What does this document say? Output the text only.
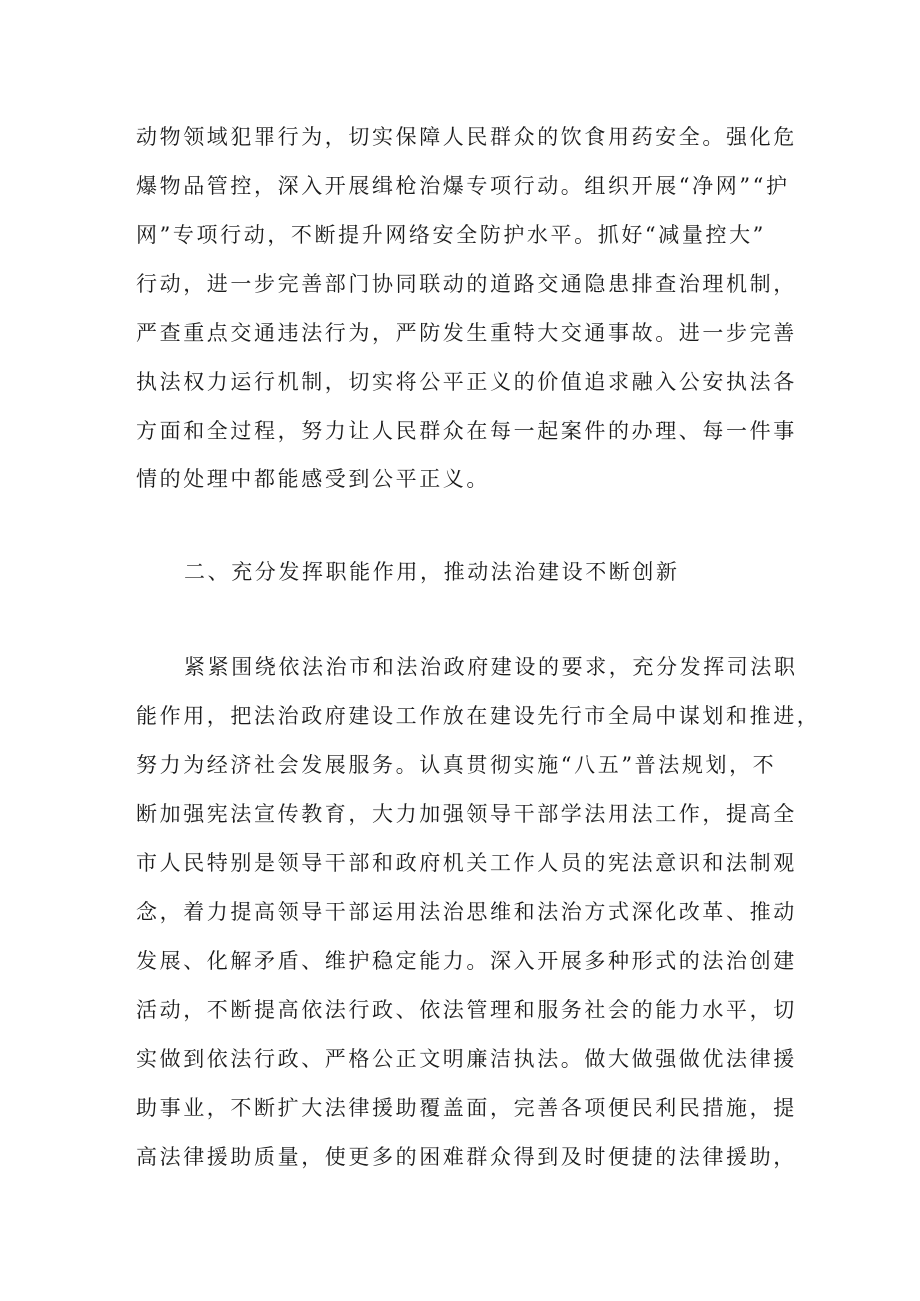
动物领域犯罪行为，切实保障人民群众的饮食用药安全。强化危
爆物品管控，深入开展缉枪治爆专项行动。组织开展“净网”“护
网”专项行动，不断提升网络安全防护水平。抓好“减量控大”
行动，进一步完善部门协同联动的道路交通隐患排查治理机制，
严查重点交通违法行为，严防发生重特大交通事故。进一步完善
执法权力运行机制，切实将公平正义的价值追求融入公安执法各
方面和全过程，努力让人民群众在每一起案件的办理、每一件事
情的处理中都能感受到公平正义。
二、充分发挥职能作用，推动法治建设不断创新
紧紧围绕依法治市和法治政府建设的要求，充分发挥司法职
能作用，把法治政府建设工作放在建设先行市全局中谋划和推进，
努力为经济社会发展服务。认真贯彻实施“八五”普法规划，不
断加强宪法宣传教育，大力加强领导干部学法用法工作，提高全
市人民特别是领导干部和政府机关工作人员的宪法意识和法制观
念，着力提高领导干部运用法治思维和法治方式深化改革、推动
发展、化解矛盾、维护稳定能力。深入开展多种形式的法治创建
活动，不断提高依法行政、依法管理和服务社会的能力水平，切
实做到依法行政、严格公正文明廉洁执法。做大做强做优法律援
助事业，不断扩大法律援助覆盖面，完善各项便民利民措施，提
高法律援助质量，使更多的困难群众得到及时便捷的法律援助，
